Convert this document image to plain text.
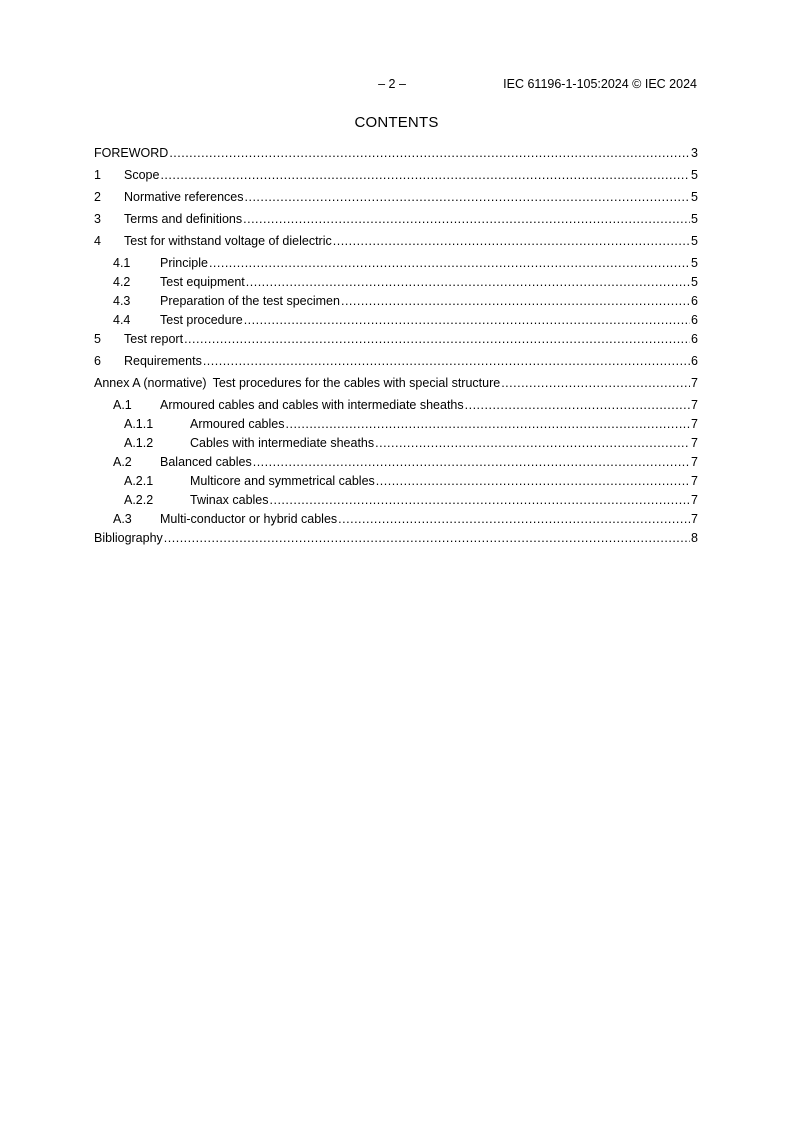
– 2 –	IEC 61196-1-105:2024 © IEC 2024
CONTENTS
FOREWORD .....	3
1	Scope .....	5
2	Normative references .....	5
3	Terms and definitions .....	5
4	Test for withstand voltage of dielectric .....	5
4.1	Principle .....	5
4.2	Test equipment .....	5
4.3	Preparation of the test specimen .....	6
4.4	Test procedure .....	6
5	Test report .....	6
6	Requirements .....	6
Annex A (normative) Test procedures for the cables with special structure .....	7
A.1	Armoured cables and cables with intermediate sheaths .....	7
A.1.1	Armoured cables .....	7
A.1.2	Cables with intermediate sheaths .....	7
A.2	Balanced cables .....	7
A.2.1	Multicore and symmetrical cables .....	7
A.2.2	Twinax cables .....	7
A.3	Multi-conductor or hybrid cables .....	7
Bibliography .....	8
